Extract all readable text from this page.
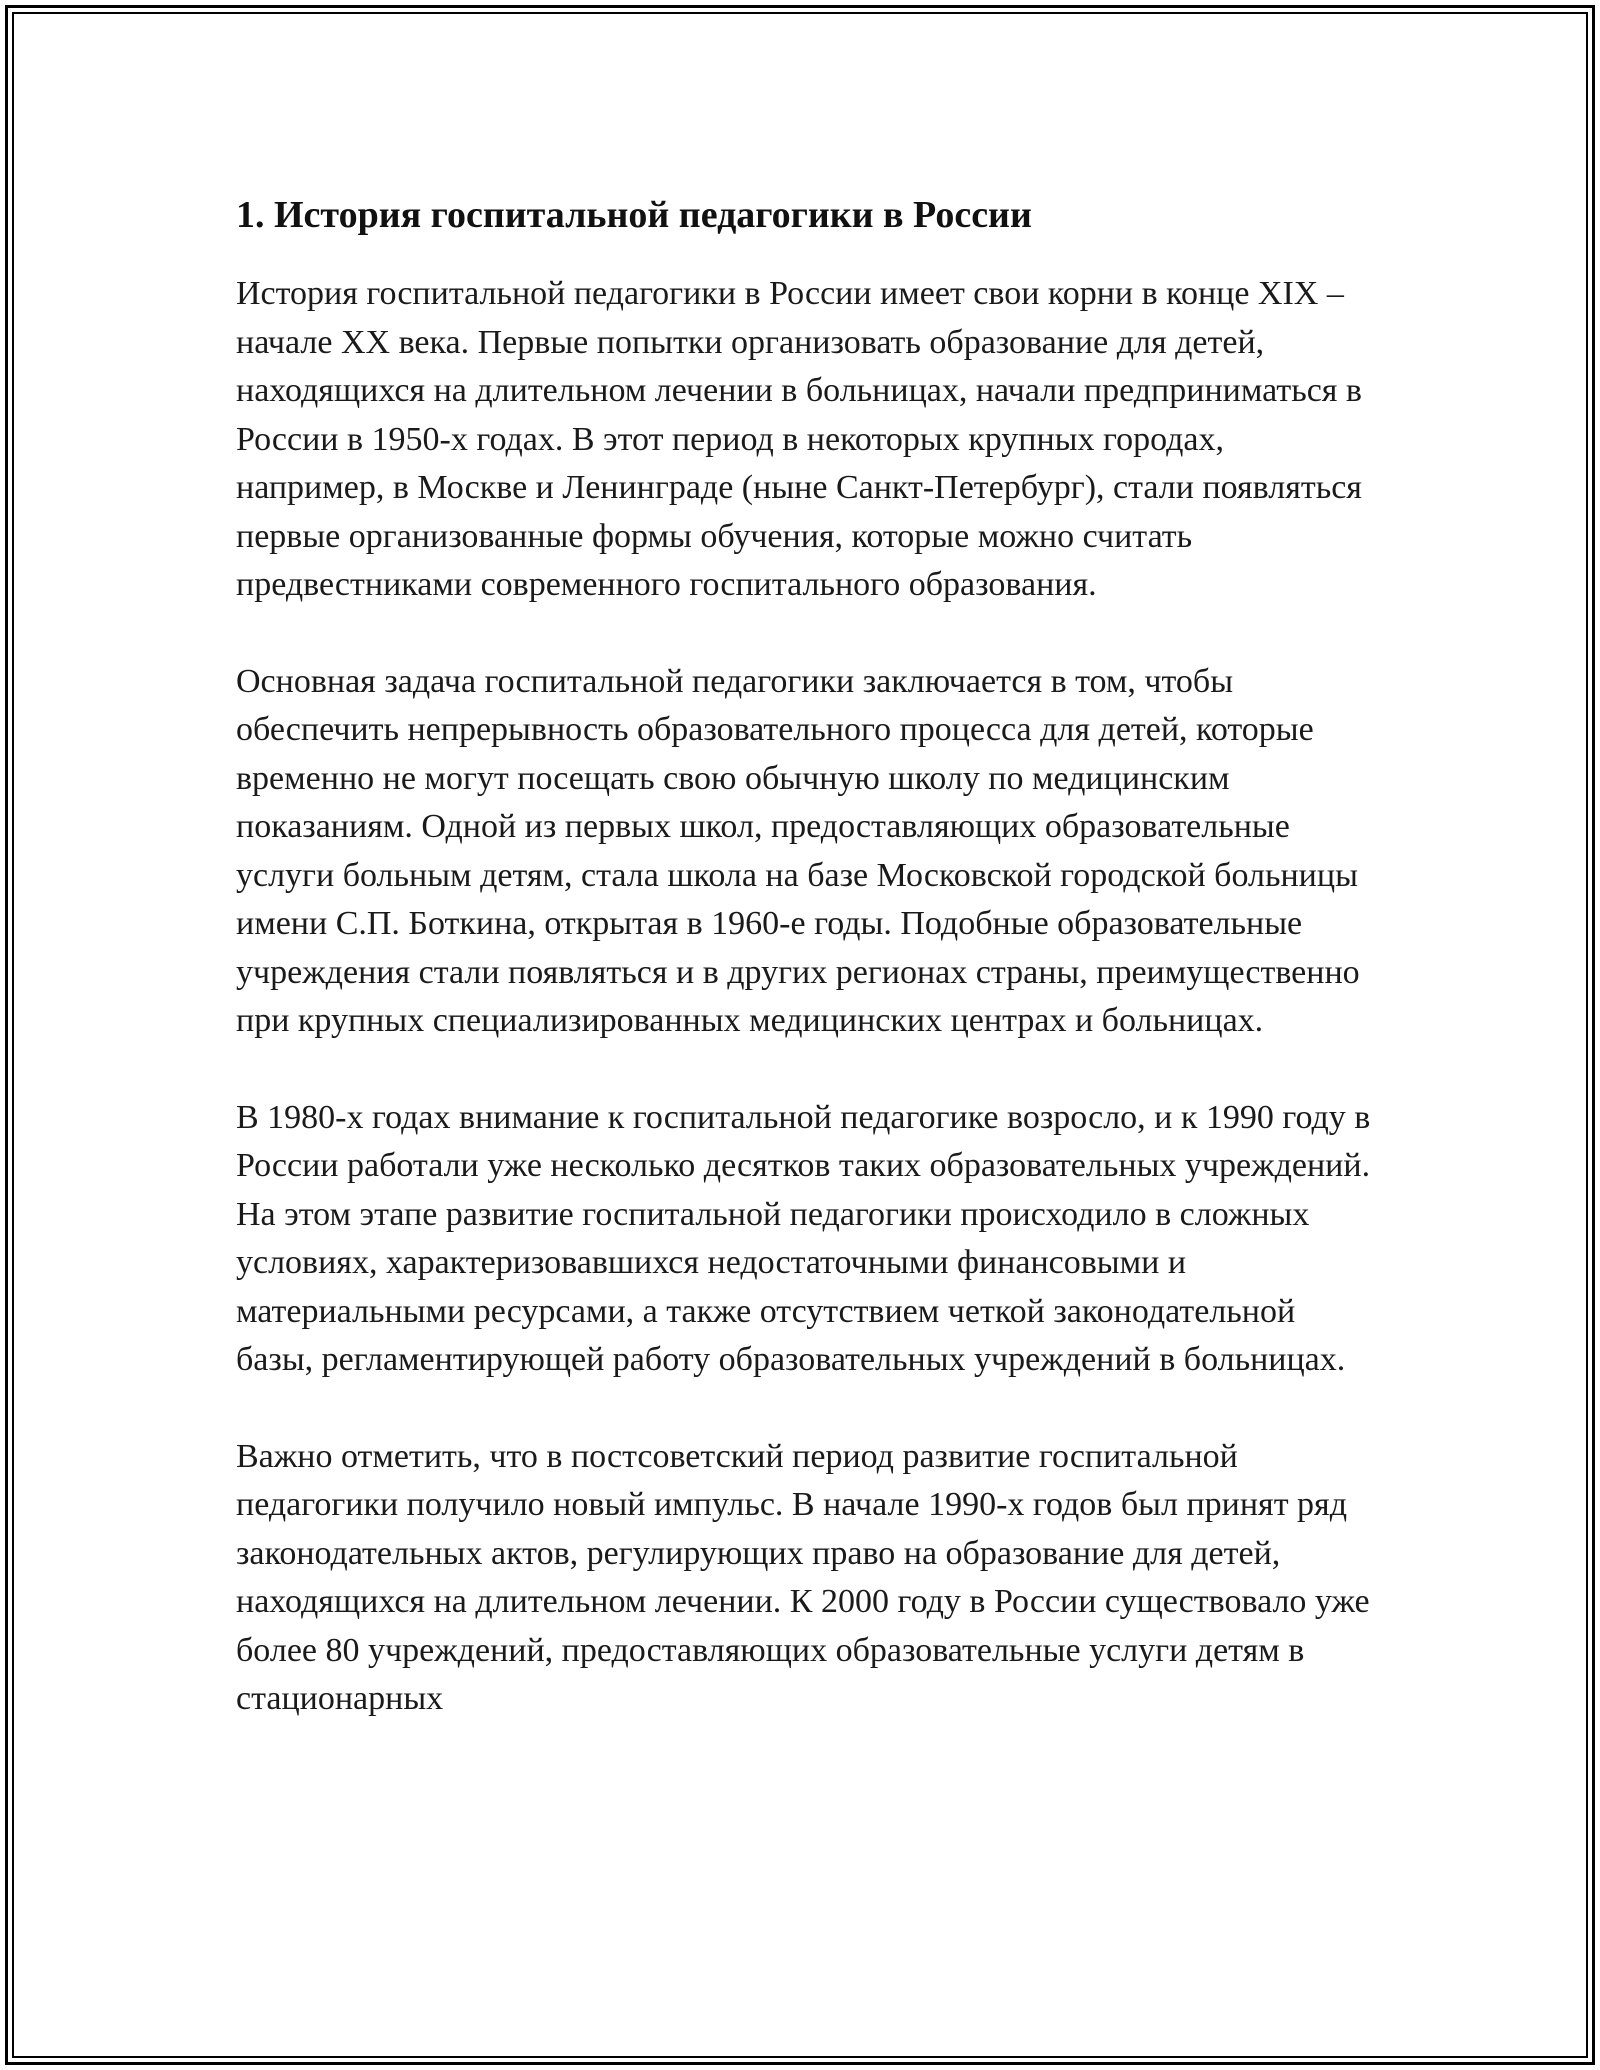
1. История госпитальной педагогики в России

История госпитальной педагогики в России имеет свои корни в конце XIX – начале XX века. Первые попытки организовать образование для детей, находящихся на длительном лечении в больницах, начали предприниматься в России в 1950-х годах. В этот период в некоторых крупных городах, например, в Москве и Ленинграде (ныне Санкт-Петербург), стали появляться первые организованные формы обучения, которые можно считать предвестниками современного госпитального образования.

Основная задача госпитальной педагогики заключается в том, чтобы обеспечить непрерывность образовательного процесса для детей, которые временно не могут посещать свою обычную школу по медицинским показаниям. Одной из первых школ, предоставляющих образовательные услуги больным детям, стала школа на базе Московской городской больницы имени С.П. Боткина, открытая в 1960-е годы. Подобные образовательные учреждения стали появляться и в других регионах страны, преимущественно при крупных специализированных медицинских центрах и больницах.

В 1980-х годах внимание к госпитальной педагогике возросло, и к 1990 году в России работали уже несколько десятков таких образовательных учреждений. На этом этапе развитие госпитальной педагогики происходило в сложных условиях, характеризовавшихся недостаточными финансовыми и материальными ресурсами, а также отсутствием четкой законодательной базы, регламентирующей работу образовательных учреждений в больницах.

Важно отметить, что в постсоветский период развитие госпитальной педагогики получило новый импульс. В начале 1990-х годов был принят ряд законодательных актов, регулирующих право на образование для детей, находящихся на длительном лечении. К 2000 году в России существовало уже более 80 учреждений, предоставляющих образовательные услуги детям в стационарных
